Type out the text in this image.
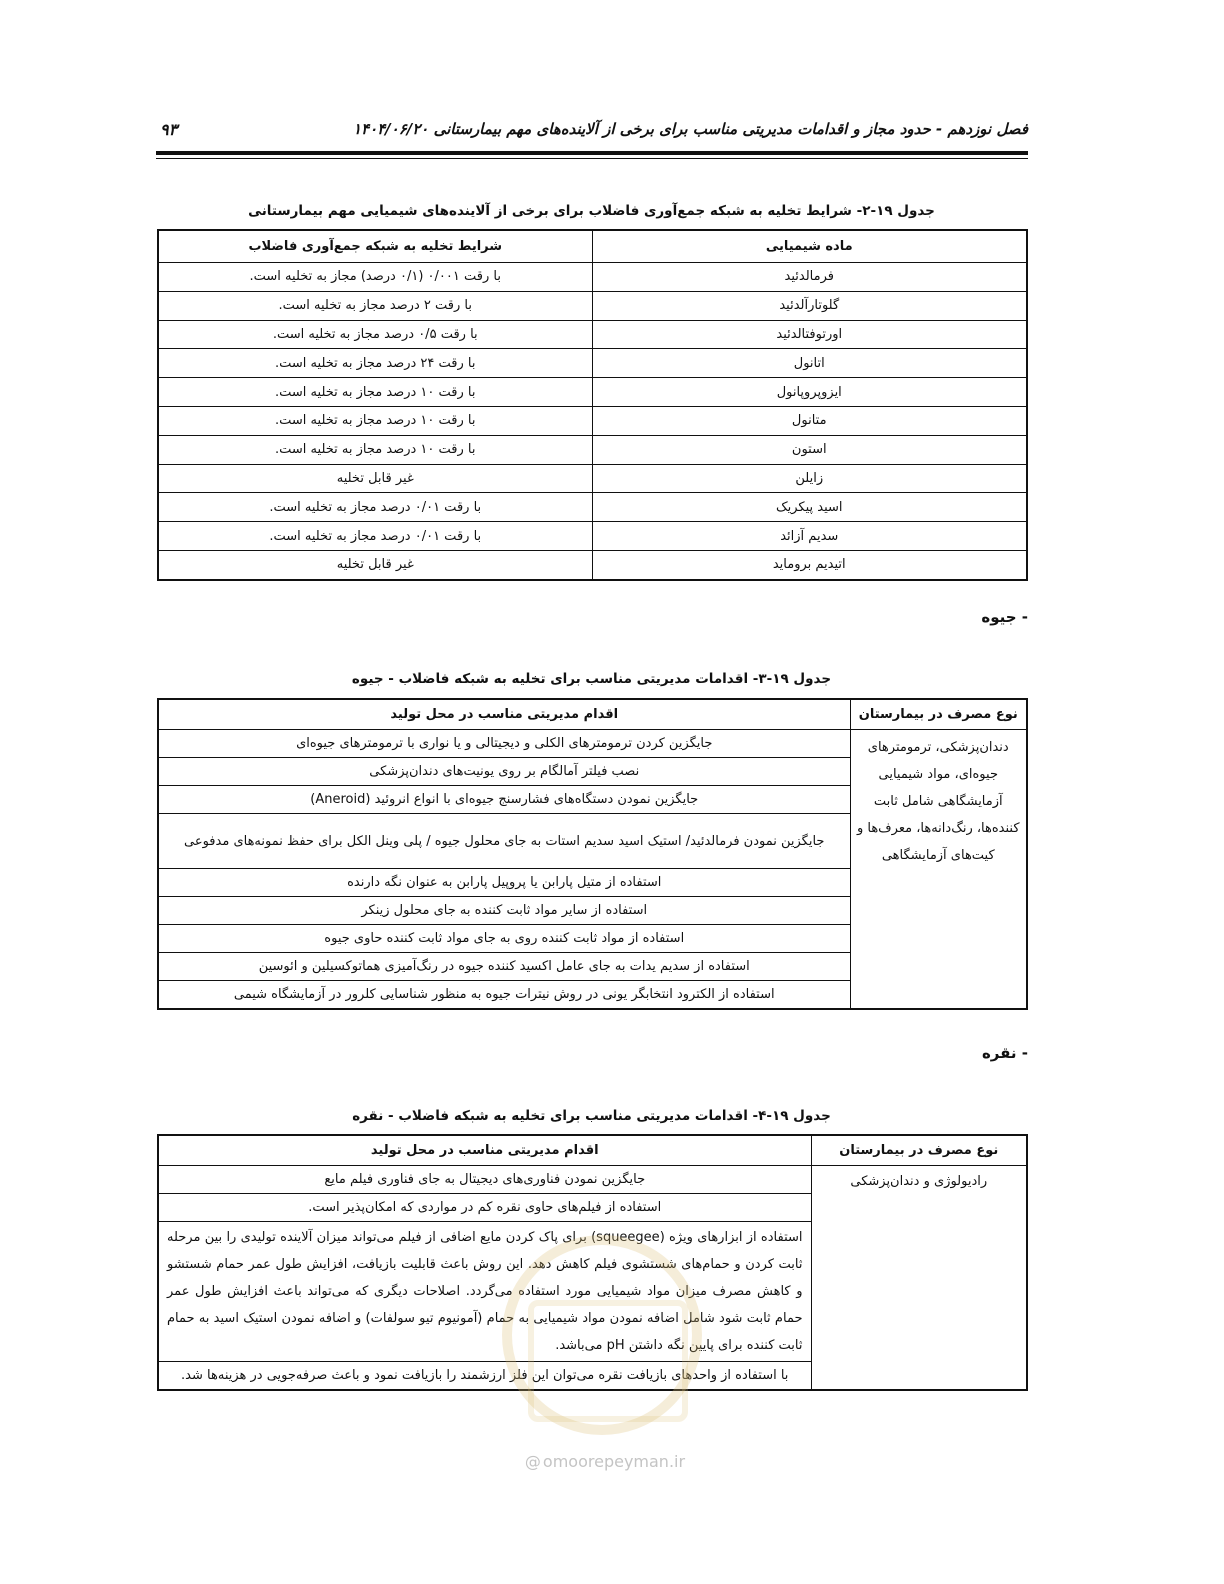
فصل نوزدهم - حدود مجاز و اقدامات مدیریتی مناسب برای برخی از آلاینده‌های مهم بیمارستانی ۱۴۰۴/۰۶/۲۰
۹۳
جدول ۱۹-۲- شرایط تخلیه به شبکه جمع‌آوری فاضلاب برای برخی از آلاینده‌های شیمیایی مهم بیمارستانی
ماده شیمیایی	شرایط تخلیه به شبکه جمع‌آوری فاضلاب
فرمالدئید	با رقت ۰/۰۰۱ (۰/۱ درصد) مجاز به تخلیه است.
گلوتارآلدئید	با رقت ۲ درصد مجاز به تخلیه است.
اورتوفتالدئید	با رقت ۰/۵ درصد مجاز به تخلیه است.
اتانول	با رقت ۲۴ درصد مجاز به تخلیه است.
ایزوپروپانول	با رقت ۱۰ درصد مجاز به تخلیه است.
متانول	با رقت ۱۰ درصد مجاز به تخلیه است.
استون	با رقت ۱۰ درصد مجاز به تخلیه است.
زایلن	غیر قابل تخلیه
اسید پیکریک	با رقت ۰/۰۱ درصد مجاز به تخلیه است.
سدیم آزائد	با رقت ۰/۰۱ درصد مجاز به تخلیه است.
اتیدیم بروماید	غیر قابل تخلیه
- جیوه
جدول ۱۹-۳- اقدامات مدیریتی مناسب برای تخلیه به شبکه فاضلاب - جیوه
نوع مصرف در بیمارستان	اقدام مدیریتی مناسب در محل تولید
دندان‌پزشکی، ترمومترهای جیوه‌ای، مواد شیمیایی آزمایشگاهی شامل ثابت کننده‌ها، رنگ‌دانه‌ها، معرف‌ها و کیت‌های آزمایشگاهی	جایگزین کردن ترمومترهای الکلی و دیجیتالی و یا نواری با ترمومترهای جیوه‌ای
	نصب فیلتر آمالگام بر روی یونیت‌های دندان‌پزشکی
	جایگزین نمودن دستگاه‌های فشارسنج جیوه‌ای با انواع انروئید (Aneroid)
	جایگزین نمودن فرمالدئید/ استیک اسید سدیم استات به جای محلول جیوه / پلی وینل الکل برای حفظ نمونه‌های مدفوعی
	استفاده از متیل پارابن یا پروپیل پارابن به عنوان نگه دارنده
	استفاده از سایر مواد ثابت کننده به جای محلول زینکر
	استفاده از مواد ثابت کننده روی به جای مواد ثابت کننده حاوی جیوه
	استفاده از سدیم یدات به جای عامل اکسید کننده جیوه در رنگ‌آمیزی هماتوکسیلین و ائوسین
	استفاده از الکترود انتخابگر یونی در روش نیترات جیوه به منظور شناسایی کلرور در آزمایشگاه شیمی
- نقره
جدول ۱۹-۴- اقدامات مدیریتی مناسب برای تخلیه به شبکه فاضلاب - نقره
نوع مصرف در بیمارستان	اقدام مدیریتی مناسب در محل تولید
رادیولوژی و دندان‌پزشکی	جایگزین نمودن فناوری‌های دیجیتال به جای فناوری فیلم مایع
	استفاده از فیلم‌های حاوی نقره کم در مواردی که امکان‌پذیر است.
	استفاده از ابزارهای ویژه (squeegee) برای پاک کردن مایع اضافی از فیلم می‌تواند میزان آلاینده تولیدی را بین مرحله ثابت کردن و حمام‌های شستشوی فیلم کاهش دهد. این روش باعث قابلیت بازیافت، افزایش طول عمر حمام شستشو و کاهش مصرف میزان مواد شیمیایی مورد استفاده می‌گردد. اصلاحات دیگری که می‌تواند باعث افزایش طول عمر حمام ثابت شود شامل اضافه نمودن مواد شیمیایی به حمام (آمونیوم تیو سولفات) و اضافه نمودن استیک اسید به حمام ثابت کننده برای پایین نگه داشتن pH می‌باشد.
	با استفاده از واحدهای بازیافت نقره می‌توان این فلز ارزشمند را بازیافت نمود و باعث صرفه‌جویی در هزینه‌ها شد.
@ omoorepeyman.ir
